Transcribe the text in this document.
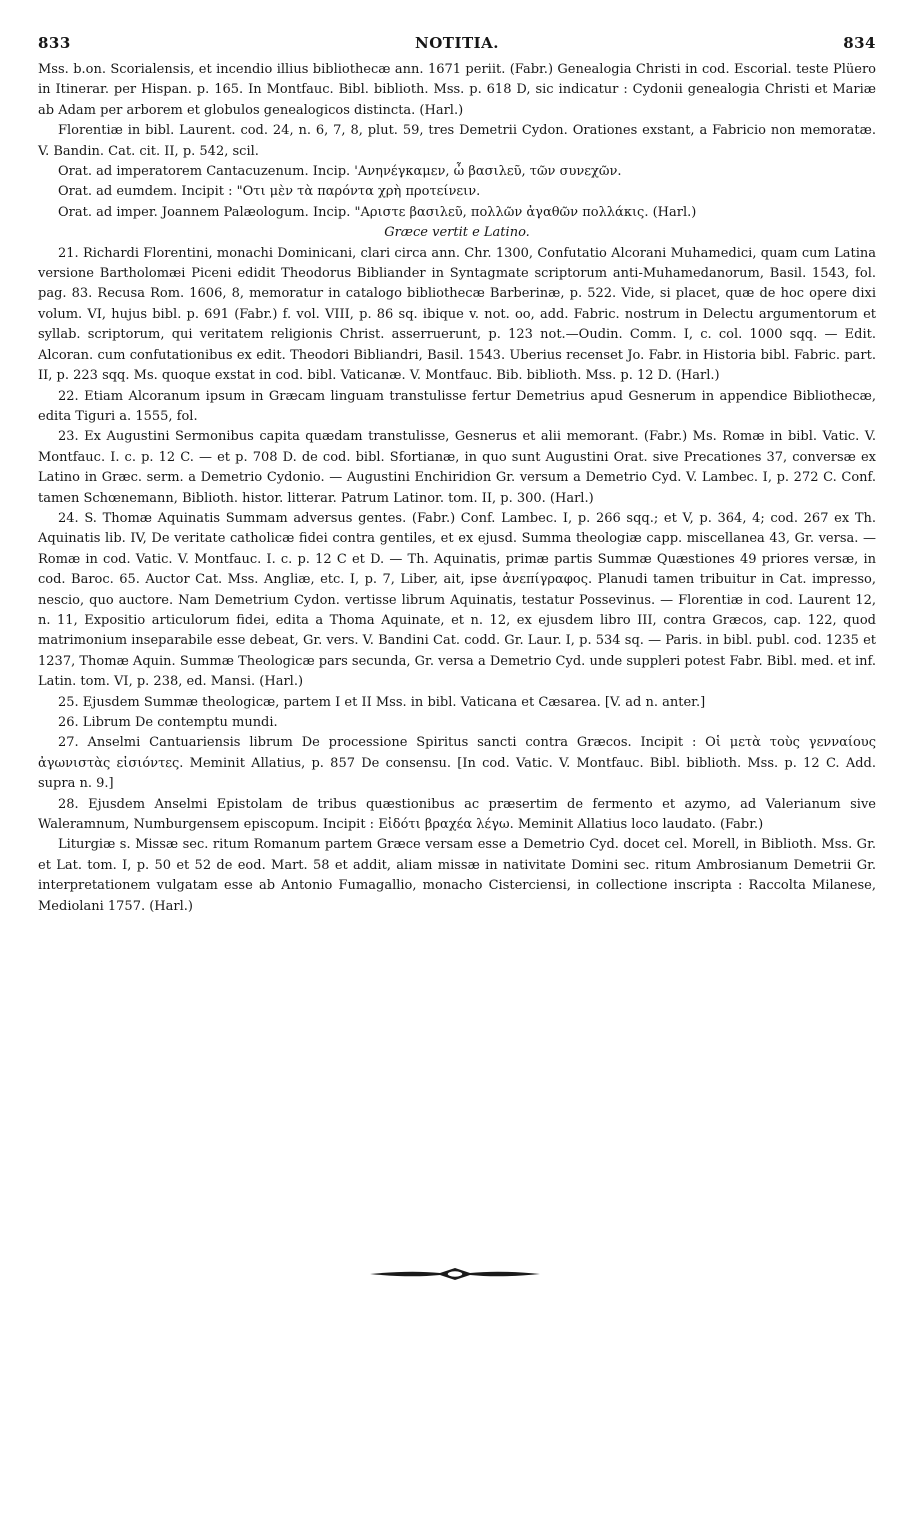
833	NOTITIA.	834

Mss. b.on. Scorialensis, et incendio illius bibliothecæ ann. 1671 periit. (Fabr.) Genealogia Christi in cod. Escorial. teste Plüero in Itinerar. per Hispan. p. 165. In Montfauc. Bibl. biblioth. Mss. p. 618 D, sic indicatur : Cydonii genealogia Christi et Mariæ ab Adam per arborem et globulos genealogicos distincta. (Harl.)

Florentiæ in bibl. Laurent. cod. 24, n. 6, 7, 8, plut. 59, tres Demetrii Cydon. Orationes exstant, a Fabricio non memoratæ. V. Bandin. Cat. cit. II, p. 542, scil.

Orat. ad imperatorem Cantacuzenum. Incip. 'Ανηνέγκαμεν, ὦ βασιλεῦ, τῶν συνεχῶν.

Orat. ad eumdem. Incipit : "Οτι μὲν τὰ παρόντα χρὴ προτείνειν.

Orat. ad imper. Joannem Palæologum. Incip. "Αριστε βασιλεῦ, πολλῶν ἀγαθῶν πολλάκις. (Harl.)

Græce vertit e Latino.

21. Richardi Florentini, monachi Dominicani, clari circa ann. Chr. 1300, Confutatio Alcorani Muhamedici, quam cum Latina versione Bartholomæi Piceni edidit Theodorus Bibliander in Syntagmate scriptorum anti-Muhamedanorum, Basil. 1543, fol. pag. 83. Recusa Rom. 1606, 8, memoratur in catalogo bibliothecæ Barberinæ, p. 522. Vide, si placet, quæ de hoc opere dixi volum. VI, hujus bibl. p. 691 (Fabr.) f. vol. VIII, p. 86 sq. ibique v. not. oo, add. Fabric. nostrum in Delectu argumentorum et syllab. scriptorum, qui veritatem religionis Christ. asserruerunt, p. 123 not.—Oudin. Comm. I, c. col. 1000 sqq. — Edit. Alcoran. cum confutationibus ex edit. Theodori Bibliandri, Basil. 1543. Uberius recenset Jo. Fabr. in Historia bibl. Fabric. part. II, p. 223 sqq. Ms. quoque exstat in cod. bibl. Vaticanæ. V. Montfauc. Bib. biblioth. Mss. p. 12 D. (Harl.)

22. Etiam Alcoranum ipsum in Græcam linguam transtulisse fertur Demetrius apud Gesnerum in appendice Bibliothecæ, edita Tiguri a. 1555, fol.

23. Ex Augustini Sermonibus capita quædam transtulisse, Gesnerus et alii memorant. (Fabr.) Ms. Romæ in bibl. Vatic. V. Montfauc. I. c. p. 12 C. — et p. 708 D. de cod. bibl. Sfortianæ, in quo sunt Augustini Orat. sive Precationes 37, conversæ ex Latino in Græc. serm. a Demetrio Cydonio. — Augustini Enchiridion Gr. versum a Demetrio Cyd. V. Lambec. I, p. 272 C. Conf. tamen Schœnemann, Biblioth. histor. litterar. Patrum Latinor. tom. II, p. 300. (Harl.)

24. S. Thomæ Aquinatis Summam adversus gentes. (Fabr.) Conf. Lambec. I, p. 266 sqq.; et V, p. 364, 4; cod. 267 ex Th. Aquinatis lib. IV, De veritate catholicæ fidei contra gentiles, et ex ejusd. Summa theologiæ capp. miscellanea 43, Gr. versa. — Romæ in cod. Vatic. V. Montfauc. I. c. p. 12 C et D. — Th. Aquinatis, primæ partis Summæ Quæstiones 49 priores versæ, in cod. Baroc. 65. Auctor Cat. Mss. Angliæ, etc. I, p. 7, Liber, ait, ipse ἀνεπίγραφος. Planudi tamen tribuitur in Cat. impresso, nescio, quo auctore. Nam Demetrium Cydon. vertisse librum Aquinatis, testatur Possevinus. — Florentiæ in cod. Laurent 12, n. 11, Expositio articulorum fidei, edita a Thoma Aquinate, et n. 12, ex ejusdem libro III, contra Græcos, cap. 122, quod matrimonium inseparabile esse debeat, Gr. vers. V. Bandini Cat. codd. Gr. Laur. I, p. 534 sq. — Paris. in bibl. publ. cod. 1235 et 1237, Thomæ Aquin. Summæ Theologicæ pars secunda, Gr. versa a Demetrio Cyd. unde suppleri potest Fabr. Bibl. med. et inf. Latin. tom. VI, p. 238, ed. Mansi. (Harl.)

25. Ejusdem Summæ theologicæ, partem I et II Mss. in bibl. Vaticana et Cæsarea. [V. ad n. anter.]

26. Librum De contemptu mundi.

27. Anselmi Cantuariensis librum De processione Spiritus sancti contra Græcos. Incipit : Οἱ μετὰ τοὺς γενναίους ἀγωνιστὰς εἰσιόντες. Meminit Allatius, p. 857 De consensu. [In cod. Vatic. V. Montfauc. Bibl. biblioth. Mss. p. 12 C. Add. supra n. 9.]

28. Ejusdem Anselmi Epistolam de tribus quæstionibus ac præsertim de fermento et azymo, ad Valerianum sive Waleramnum, Numburgensem episcopum. Incipit : Εἰδότι βραχέα λέγω. Meminit Allatius loco laudato. (Fabr.)

Liturgiæ s. Missæ sec. ritum Romanum partem Græce versam esse a Demetrio Cyd. docet cel. Morell, in Biblioth. Mss. Gr. et Lat. tom. I, p. 50 et 52 de eod. Mart. 58 et addit, aliam missæ in nativitate Domini sec. ritum Ambrosianum Demetrii Gr. interpretationem vulgatam esse ab Antonio Fumagallio, monacho Cisterciensi, in collectione inscripta : Raccolta Milanese, Mediolani 1757. (Harl.)
